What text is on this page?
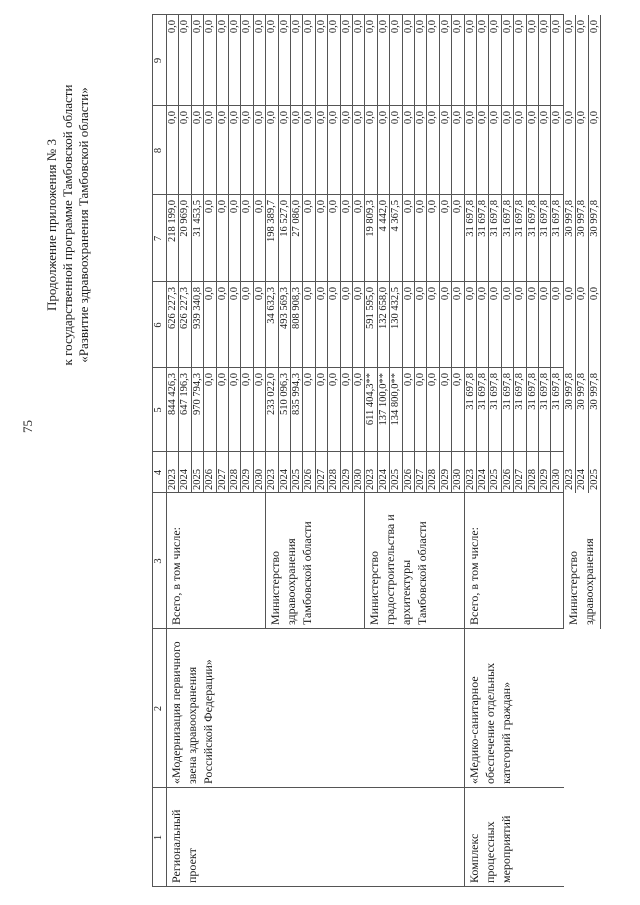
75
Продолжение приложения № 3 к государственной программе Тамбовской области «Развитие здравоохранения Тамбовской области»
1
2
3
4
5
6
7
8
9
2023
844 426,3
626 227,3
218 199,0
0,0
0,0
2024
647 196,3
626 227,3
20 969,0
0,0
0,0
2025
970 794,3
939 340,8
31 453,5
0,0
0,0
2026
0,0
0,0
0,0
0,0
0,0
2027
0,0
0,0
0,0
0,0
0,0
2028
0,0
0,0
0,0
0,0
0,0
2029
0,0
0,0
0,0
0,0
0,0
2030
0,0
0,0
0,0
0,0
0,0
Всего, в том числе:
2023
233 022,0
34 632,3
198 389,7
0,0
0,0
2024
510 096,3
493 569,3
16 527,0
0,0
0,0
2025
835 994,3
808 908,3
27 086,0
0,0
0,0
2026
0,0
0,0
0,0
0,0
0,0
2027
0,0
0,0
0,0
0,0
0,0
2028
0,0
0,0
0,0
0,0
0,0
2029
0,0
0,0
0,0
0,0
0,0
2030
0,0
0,0
0,0
0,0
0,0
Министерство здравоохранения Тамбовской области
2023
611 404,3**
591 595,0
19 809,3
0,0
0,0
2024
137 100,0**
132 658,0
4 442,0
0,0
0,0
2025
134 800,0**
130 432,5
4 367,5
0,0
0,0
2026
0,0
0,0
0,0
0,0
0,0
2027
0,0
0,0
0,0
0,0
0,0
2028
0,0
0,0
0,0
0,0
0,0
2029
0,0
0,0
0,0
0,0
0,0
2030
0,0
0,0
0,0
0,0
0,0
Министерство градостроительства и архитектуры Тамбовской области
Региональный проект
«Модернизация первичного звена здравоохранения Российской Федерации»
2023
31 697,8
0,0
31 697,8
0,0
0,0
2024
31 697,8
0,0
31 697,8
0,0
0,0
2025
31 697,8
0,0
31 697,8
0,0
0,0
2026
31 697,8
0,0
31 697,8
0,0
0,0
2027
31 697,8
0,0
31 697,8
0,0
0,0
2028
31 697,8
0,0
31 697,8
0,0
0,0
2029
31 697,8
0,0
31 697,8
0,0
0,0
2030
31 697,8
0,0
31 697,8
0,0
0,0
Всего, в том числе:
2023
30 997,8
0,0
30 997,8
0,0
0,0
2024
30 997,8
0,0
30 997,8
0,0
0,0
2025
30 997,8
0,0
30 997,8
0,0
0,0
Министерство здравоохранения
Комплекс процессных мероприятий
«Медико-санитарное обеспечение отдельных категорий граждан»
